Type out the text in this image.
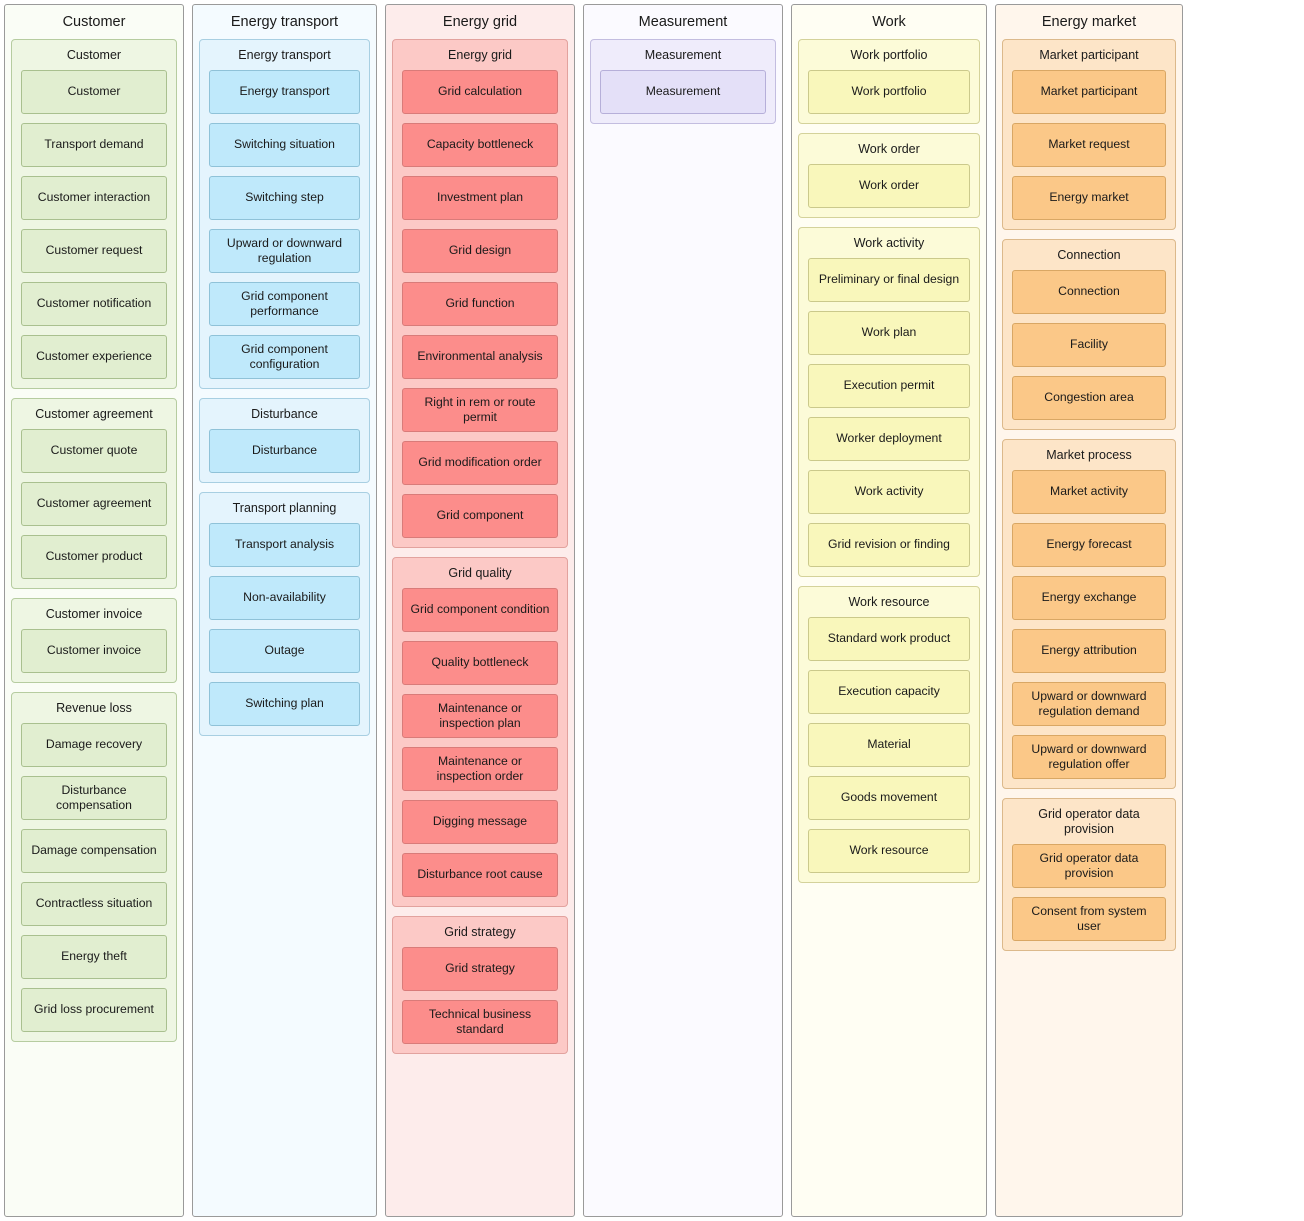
Customer
Customer
Customer
Transport demand
Customer interaction
Customer request
Customer notification
Customer experience
Customer agreement
Customer quote
Customer agreement
Customer product
Customer invoice
Customer invoice
Revenue loss
Damage recovery
Disturbance compensation
Damage compensation
Contractless situation
Energy theft
Grid loss procurement
Energy transport
Energy transport
Energy transport
Switching situation
Switching step
Upward or downward regulation
Grid component performance
Grid component configuration
Disturbance
Disturbance
Transport planning
Transport analysis
Non-availability
Outage
Switching plan
Energy grid
Energy grid
Grid calculation
Capacity bottleneck
Investment plan
Grid design
Grid function
Environmental analysis
Right in rem or route permit
Grid modification order
Grid component
Grid quality
Grid component condition
Quality bottleneck
Maintenance or inspection plan
Maintenance or inspection order
Digging message
Disturbance root cause
Grid strategy
Grid strategy
Technical business standard
Measurement
Measurement
Measurement
Work
Work portfolio
Work portfolio
Work order
Work order
Work activity
Preliminary or final design
Work plan
Execution permit
Worker deployment
Work activity
Grid revision or finding
Work resource
Standard work product
Execution capacity
Material
Goods movement
Work resource
Energy market
Market participant
Market participant
Market request
Energy market
Connection
Connection
Facility
Congestion area
Market process
Market activity
Energy forecast
Energy exchange
Energy attribution
Upward or downward regulation demand
Upward or downward regulation offer
Grid operator data provision
Grid operator data provision
Consent from system user
